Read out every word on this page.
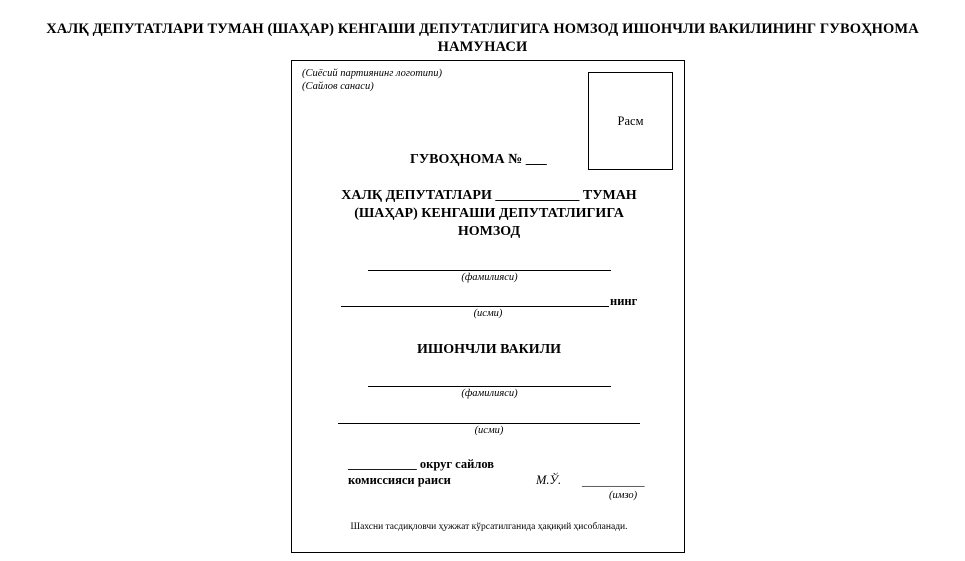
ХАЛҚ ДЕПУТАТЛАРИ ТУМАН (ШАҲАР) КЕНГАШИ ДЕПУТАТЛИГИГА НОМЗОД ИШОНЧЛИ ВАКИЛИНИНГ ГУВОҲНОМА
НАМУНАСИ
(Сиёсий партиянинг логотипи)
(Сайлов санаси)
Расм
ГУВОҲНОМА № ___
ХАЛҚ ДЕПУТАТЛАРИ ____________ ТУМАН
(ШАҲАР) КЕНГАШИ ДЕПУТАТЛИГИГА
НОМЗОД
(фамилияси)
нинг
(исми)
ИШОНЧЛИ ВАКИЛИ
(фамилияси)
(исми)
___________ округ сайлов
комиссияси раиси	М.Ў. __________
(имзо)
Шахсни тасдиқловчи ҳужжат кўрсатилганида ҳақиқий ҳисобланади.
